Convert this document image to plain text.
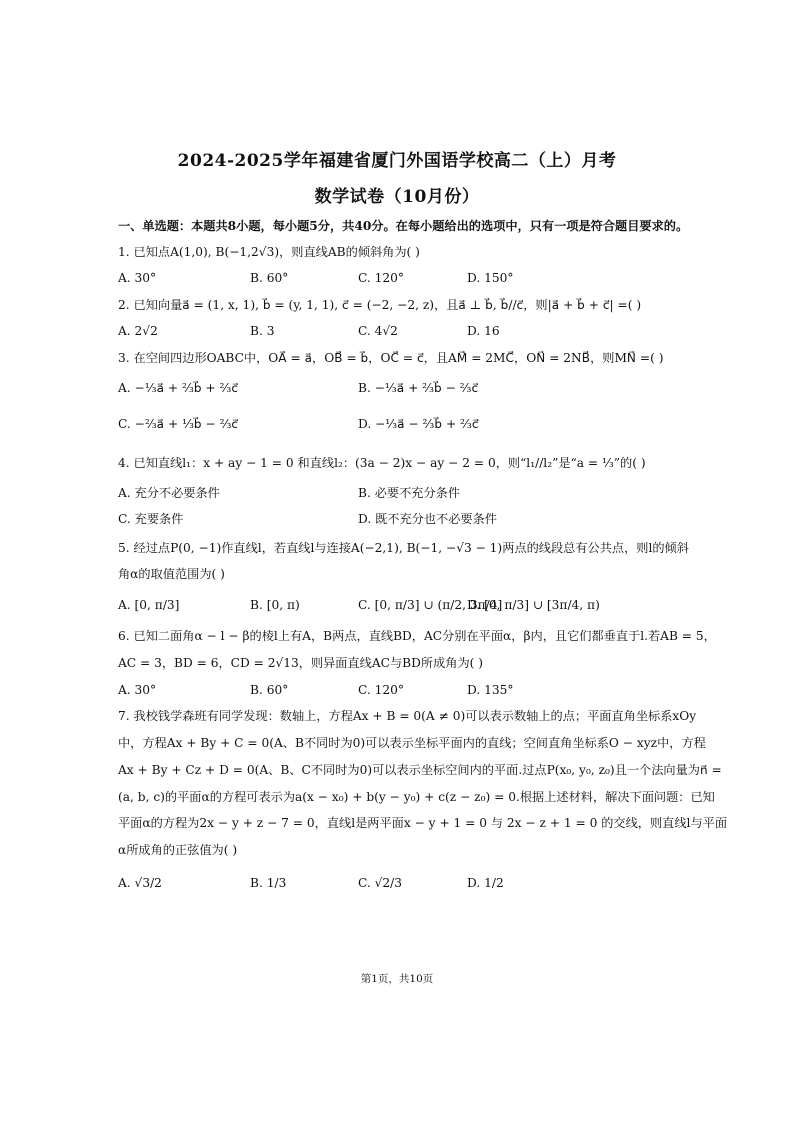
2024-2025学年福建省厦门外国语学校高二（上）月考
数学试卷（10月份）
一、单选题：本题共8小题，每小题5分，共40分。在每小题给出的选项中，只有一项是符合题目要求的。
1. 已知点A(1,0), B(−1,2√3)，则直线AB的倾斜角为( )
A. 30°	B. 60°	C. 120°	D. 150°
2. 已知向量a⃗ = (1, x, 1), b⃗ = (y, 1, 1), c⃗ = (−2, −2, z)，且a⃗ ⊥ b⃗, b⃗//c⃗，则|a⃗ + b⃗ + c⃗| =( )
A. 2√2	B. 3	C. 4√2	D. 16
3. 在空间四边形OABC中，OA⃗ = a⃗，OB⃗ = b⃗，OC⃗ = c⃗，且AM⃗ = 2MC⃗，ON⃗ = 2NB⃗，则MN⃗ =( )
A. −⅓a⃗ + ⅔b⃗ + ⅔c⃗	B. −⅓a⃗ + ⅔b⃗ − ⅔c⃗
C. −⅔a⃗ + ⅓b⃗ − ⅔c⃗	D. −⅓a⃗ − ⅔b⃗ + ⅔c⃗
4. 已知直线l₁：x + ay − 1 = 0 和直线l₂：(3a − 2)x − ay − 2 = 0，则“l₁//l₂”是“a = ⅓”的( )
A. 充分不必要条件	B. 必要不充分条件
C. 充要条件	D. 既不充分也不必要条件
5. 经过点P(0, −1)作直线l，若直线l与连接A(−2,1), B(−1, −√3 − 1)两点的线段总有公共点，则l的倾斜
角α的取值范围为( )
A. [0, π/3]	B. [0, π)	C. [0, π/3] ∪ (π/2, 3π/4]
D. [0, π/3] ∪ [3π/4, π)
6. 已知二面角α − l − β的棱l上有A，B两点，直线BD，AC分别在平面α，β内，且它们都垂直于l.若AB = 5，
AC = 3，BD = 6，CD = 2√13，则异面直线AC与BD所成角为( )
A. 30°	B. 60°	C. 120°	D. 135°
7. 我校钱学森班有同学发现：数轴上，方程Ax + B = 0(A ≠ 0)可以表示数轴上的点；平面直角坐标系xOy
中，方程Ax + By + C = 0(A、B不同时为0)可以表示坐标平面内的直线；空间直角坐标系O − xyz中，方程
Ax + By + Cz + D = 0(A、B、C不同时为0)可以表示坐标空间内的平面.过点P(x₀, y₀, z₀)且一个法向量为n⃗ =
(a, b, c)的平面α的方程可表示为a(x − x₀) + b(y − y₀) + c(z − z₀) = 0.根据上述材料，解决下面问题：已知
平面α的方程为2x − y + z − 7 = 0，直线l是两平面x − y + 1 = 0 与 2x − z + 1 = 0 的交线，则直线l与平面
α所成角的正弦值为( )
A. √3/2	B. 1/3	C. √2/3	D. 1/2
第1页，共10页
